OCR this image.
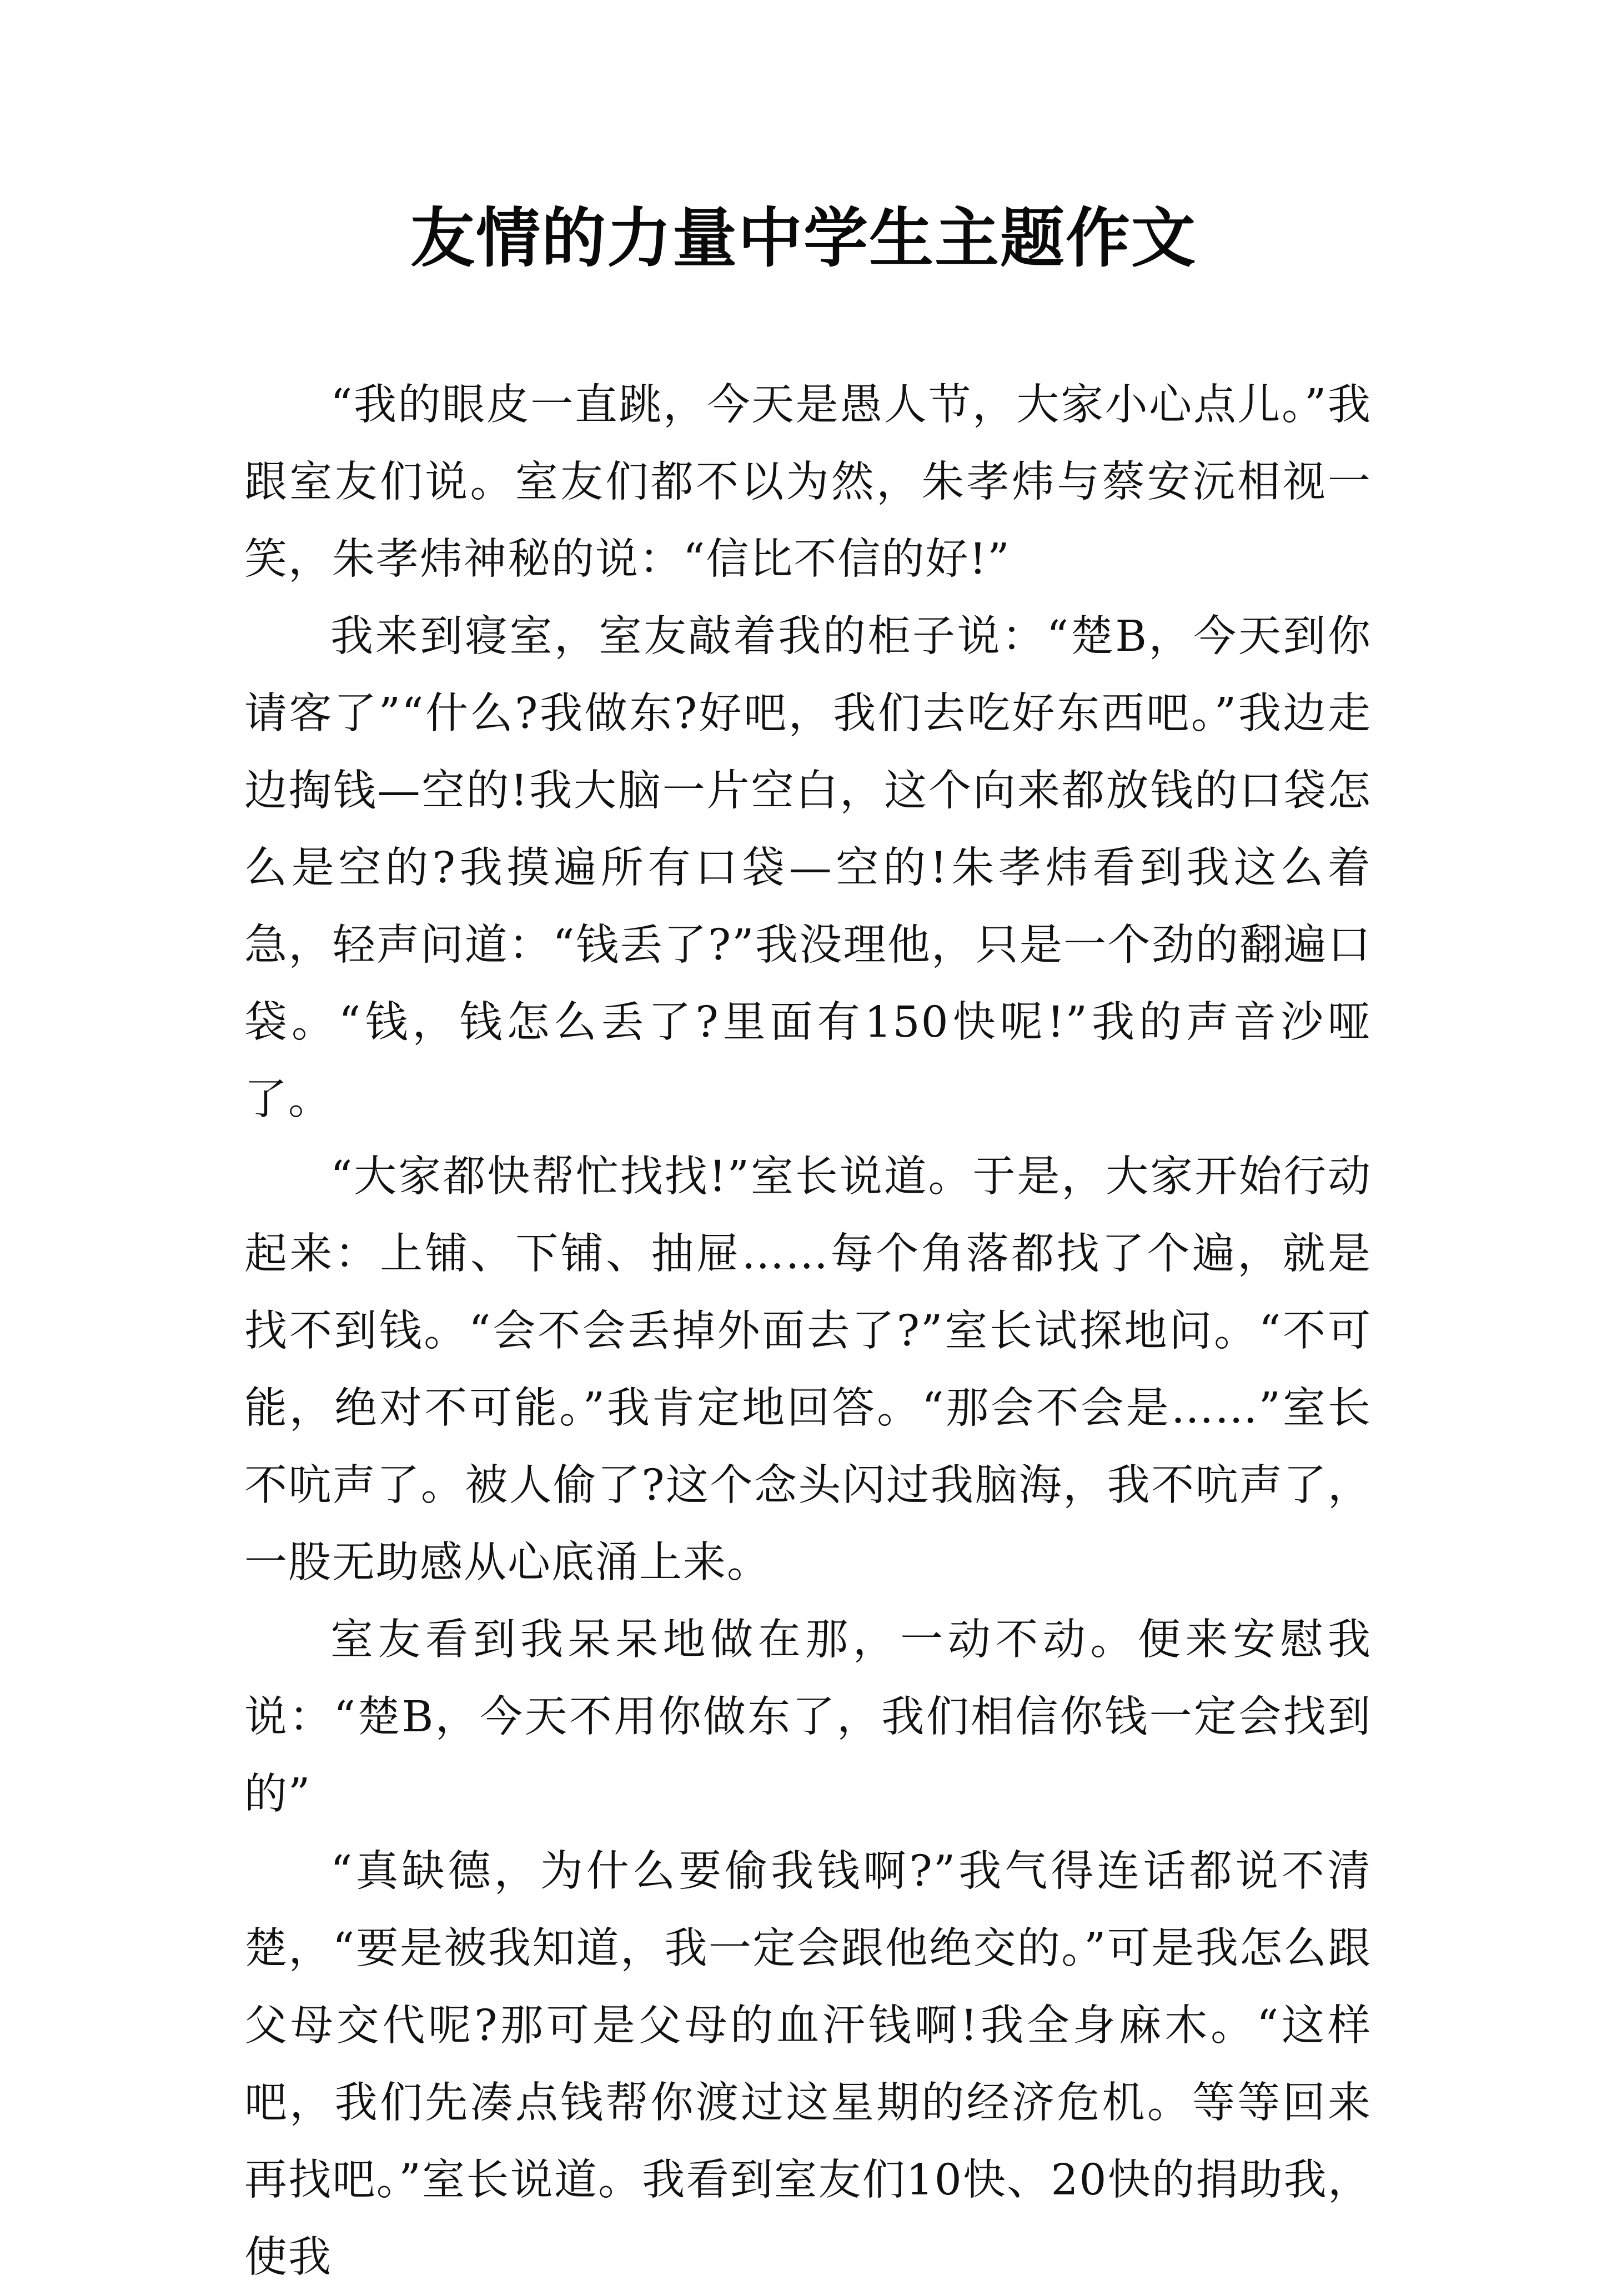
友情的力量中学生主题作文

“我的眼皮一直跳，今天是愚人节，大家小心点儿。”我跟室友们说。室友们都不以为然，朱孝炜与蔡安沅相视一笑，朱孝炜神秘的说：“信比不信的好!”

我来到寝室，室友敲着我的柜子说：“楚B，今天到你请客了”“什么?我做东?好吧，我们去吃好东西吧。”我边走边掏钱—空的!我大脑一片空白，这个向来都放钱的口袋怎么是空的?我摸遍所有口袋—空的!朱孝炜看到我这么着急，轻声问道：“钱丢了?”我没理他，只是一个劲的翻遍口袋。“钱，钱怎么丢了?里面有150快呢!”我的声音沙哑了。

“大家都快帮忙找找!”室长说道。于是，大家开始行动起来：上铺、下铺、抽屉……每个角落都找了个遍，就是找不到钱。“会不会丢掉外面去了?”室长试探地问。“不可能，绝对不可能。”我肯定地回答。“那会不会是……”室长不吭声了。被人偷了?这个念头闪过我脑海，我不吭声了，一股无助感从心底涌上来。

室友看到我呆呆地做在那，一动不动。便来安慰我说：“楚B，今天不用你做东了，我们相信你钱一定会找到的”

“真缺德，为什么要偷我钱啊?”我气得连话都说不清楚，“要是被我知道，我一定会跟他绝交的。”可是我怎么跟父母交代呢?那可是父母的血汗钱啊!我全身麻木。“这样吧，我们先凑点钱帮你渡过这星期的经济危机。等等回来再找吧。”室长说道。我看到室友们10快、20快的捐助我，使我
